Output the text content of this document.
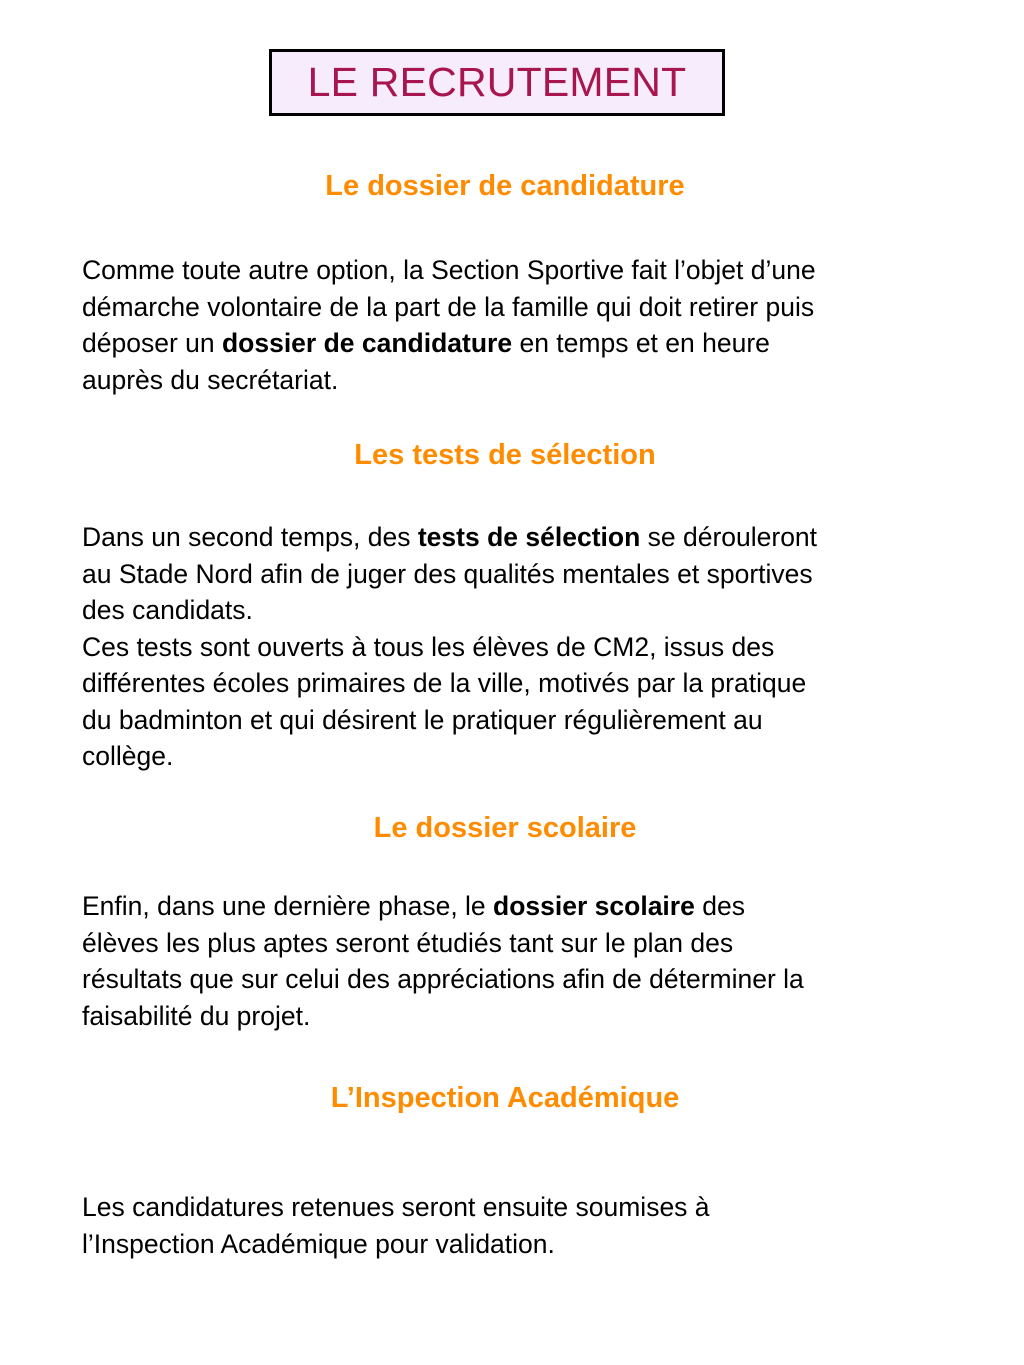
LE RECRUTEMENT
Le dossier de candidature
Comme toute autre option, la Section Sportive fait l’objet d’une
démarche volontaire de la part de la famille qui doit retirer puis
déposer un dossier de candidature en temps et en heure
auprès du secrétariat.
Les tests de sélection
Dans un second temps, des tests de sélection se dérouleront
au Stade Nord afin de juger des qualités mentales et sportives
des candidats.
Ces tests sont ouverts à tous les élèves de CM2, issus des
différentes écoles primaires de la ville, motivés par la pratique
du badminton et qui désirent le pratiquer régulièrement au
collège.
Le dossier scolaire
Enfin, dans une dernière phase, le dossier scolaire des
élèves les plus aptes seront étudiés tant sur le plan des
résultats que sur celui des appréciations afin de déterminer la
faisabilité du projet.
L’Inspection Académique
Les candidatures retenues seront ensuite soumises à
l’Inspection Académique pour validation.
